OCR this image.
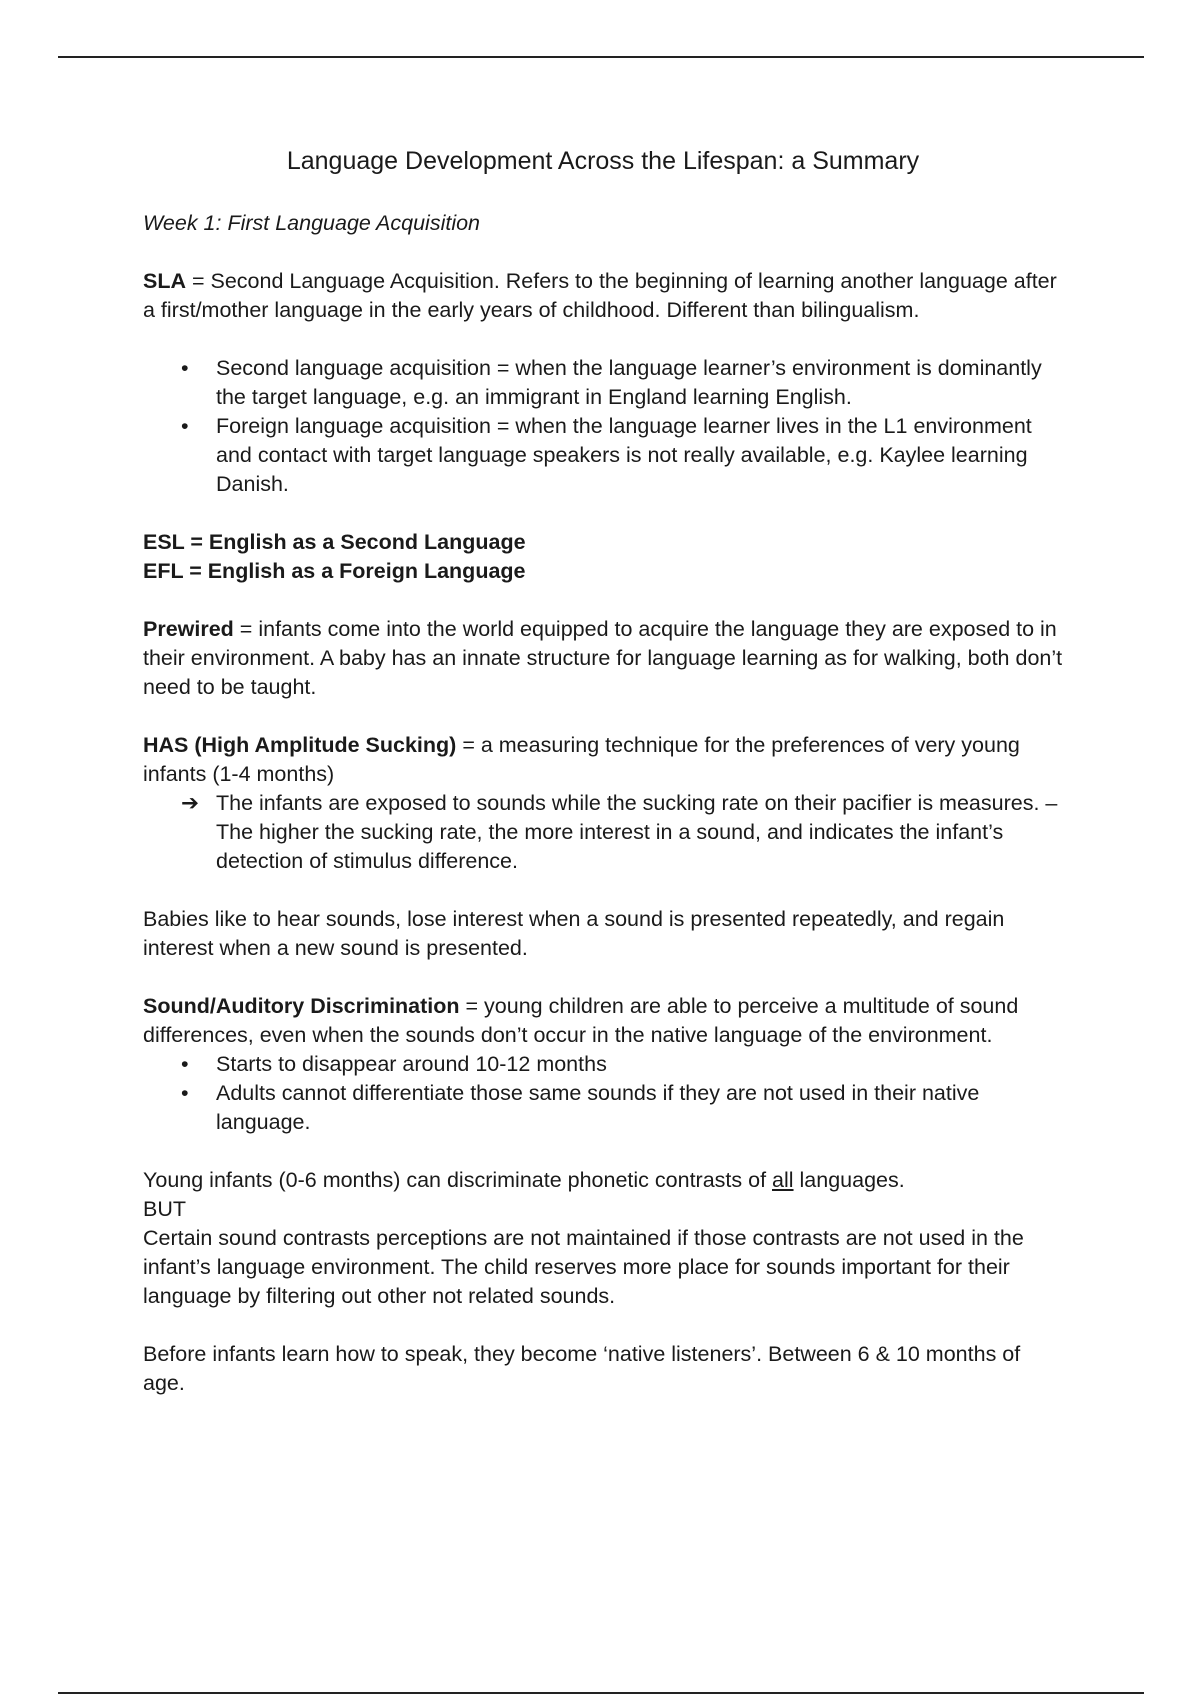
Language Development Across the Lifespan: a Summary

Week 1: First Language Acquisition

SLA = Second Language Acquisition. Refers to the beginning of learning another language after a first/mother language in the early years of childhood. Different than bilingualism.

• Second language acquisition = when the language learner’s environment is dominantly the target language, e.g. an immigrant in England learning English.
• Foreign language acquisition = when the language learner lives in the L1 environment and contact with target language speakers is not really available, e.g. Kaylee learning Danish.

ESL = English as a Second Language
EFL = English as a Foreign Language

Prewired = infants come into the world equipped to acquire the language they are exposed to in their environment. A baby has an innate structure for language learning as for walking, both don’t need to be taught.

HAS (High Amplitude Sucking) = a measuring technique for the preferences of very young infants (1-4 months)

➔ The infants are exposed to sounds while the sucking rate on their pacifier is measures. – The higher the sucking rate, the more interest in a sound, and indicates the infant’s detection of stimulus difference.

Babies like to hear sounds, lose interest when a sound is presented repeatedly, and regain interest when a new sound is presented.

Sound/Auditory Discrimination = young children are able to perceive a multitude of sound differences, even when the sounds don’t occur in the native language of the environment.

• Starts to disappear around 10-12 months
• Adults cannot differentiate those same sounds if they are not used in their native language.

Young infants (0-6 months) can discriminate phonetic contrasts of all languages.
BUT
Certain sound contrasts perceptions are not maintained if those contrasts are not used in the infant’s language environment. The child reserves more place for sounds important for their language by filtering out other not related sounds.

Before infants learn how to speak, they become ‘native listeners’. Between 6 & 10 months of age.
